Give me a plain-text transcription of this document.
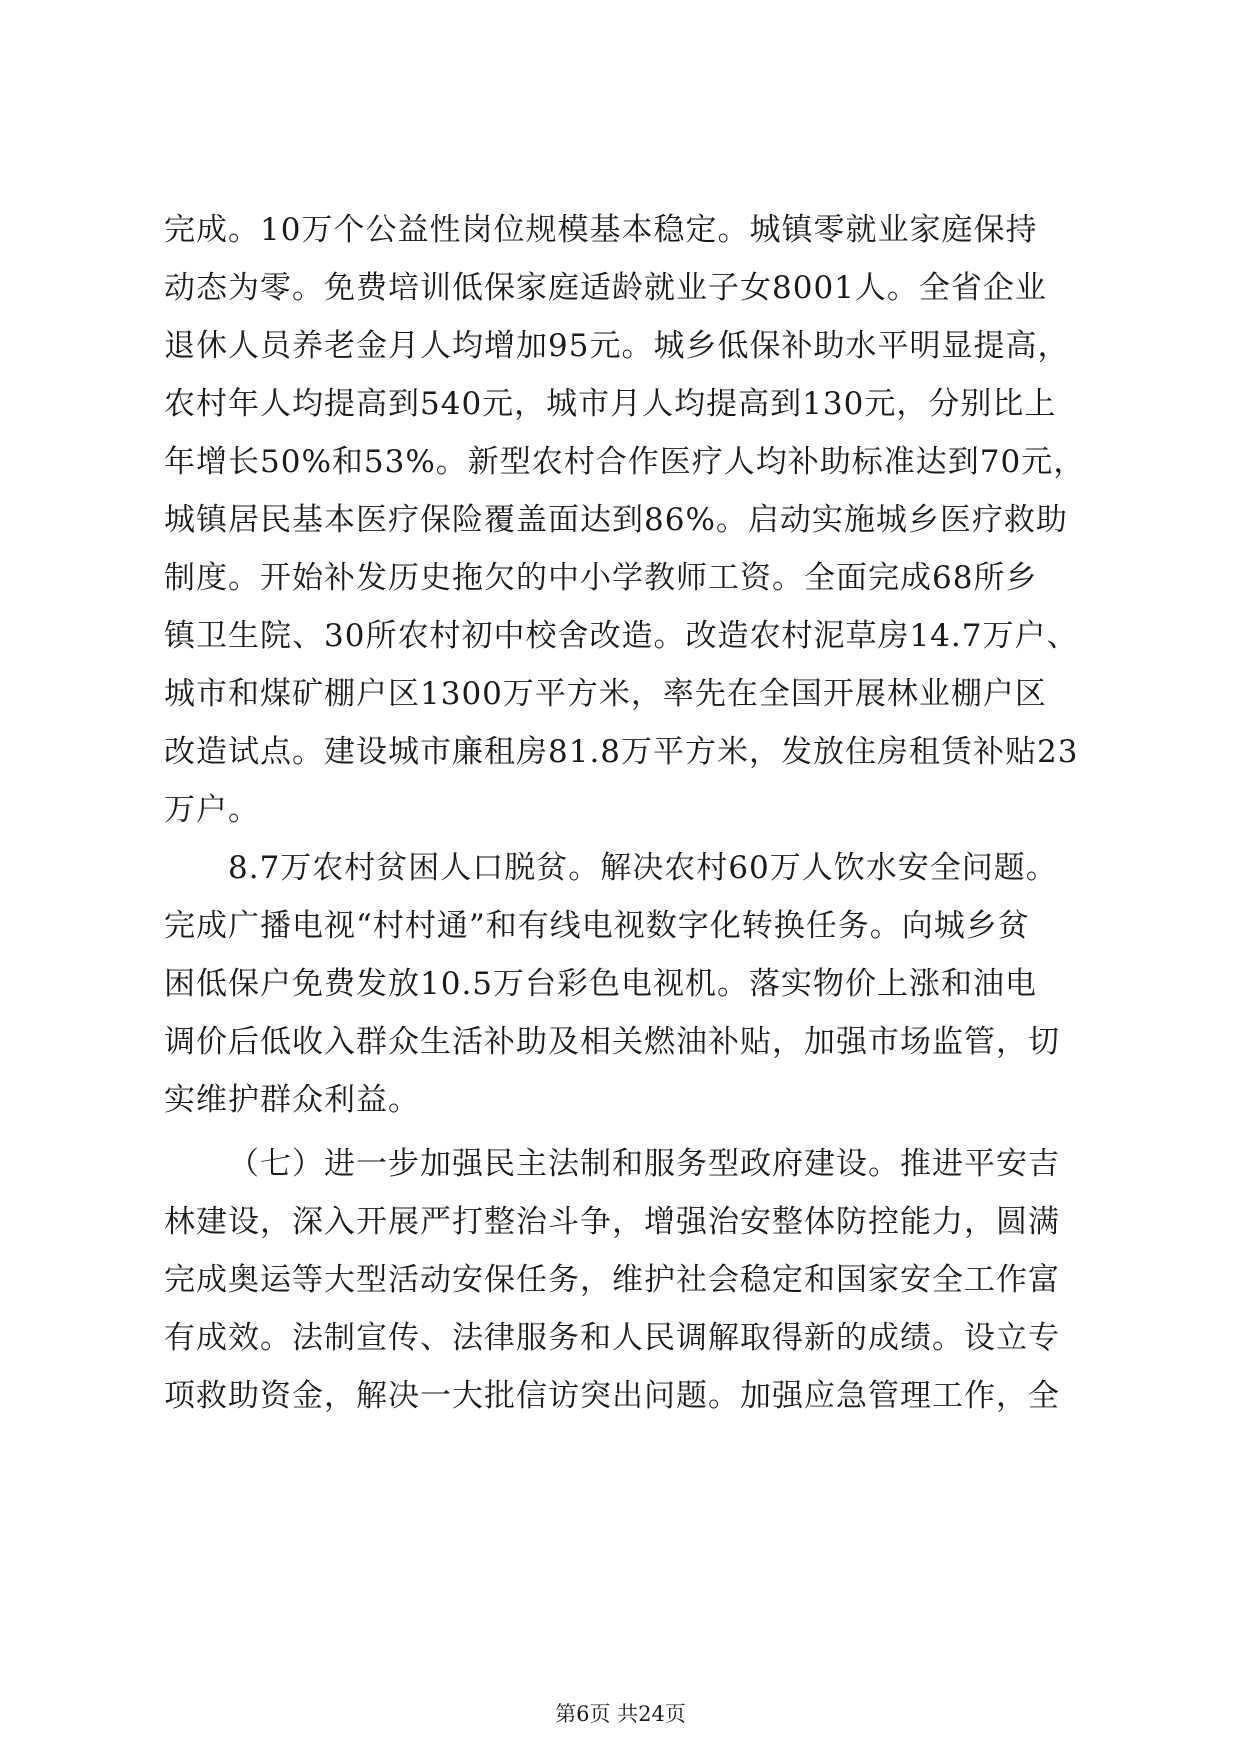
完成。10万个公益性岗位规模基本稳定。城镇零就业家庭保持
动态为零。免费培训低保家庭适龄就业子女8001人。全省企业
退休人员养老金月人均增加95元。城乡低保补助水平明显提高，
农村年人均提高到540元，城市月人均提高到130元，分别比上
年增长50%和53%。新型农村合作医疗人均补助标准达到70元，
城镇居民基本医疗保险覆盖面达到86%。启动实施城乡医疗救助
制度。开始补发历史拖欠的中小学教师工资。全面完成68所乡
镇卫生院、30所农村初中校舍改造。改造农村泥草房14.7万户、
城市和煤矿棚户区1300万平方米，率先在全国开展林业棚户区
改造试点。建设城市廉租房81.8万平方米，发放住房租赁补贴23
万户。
8.7万农村贫困人口脱贫。解决农村60万人饮水安全问题。
完成广播电视“村村通”和有线电视数字化转换任务。向城乡贫
困低保户免费发放10.5万台彩色电视机。落实物价上涨和油电
调价后低收入群众生活补助及相关燃油补贴，加强市场监管，切
实维护群众利益。
（七）进一步加强民主法制和服务型政府建设。推进平安吉
林建设，深入开展严打整治斗争，增强治安整体防控能力，圆满
完成奥运等大型活动安保任务，维护社会稳定和国家安全工作富
有成效。法制宣传、法律服务和人民调解取得新的成绩。设立专
项救助资金，解决一大批信访突出问题。加强应急管理工作，全
第6页 共24页
